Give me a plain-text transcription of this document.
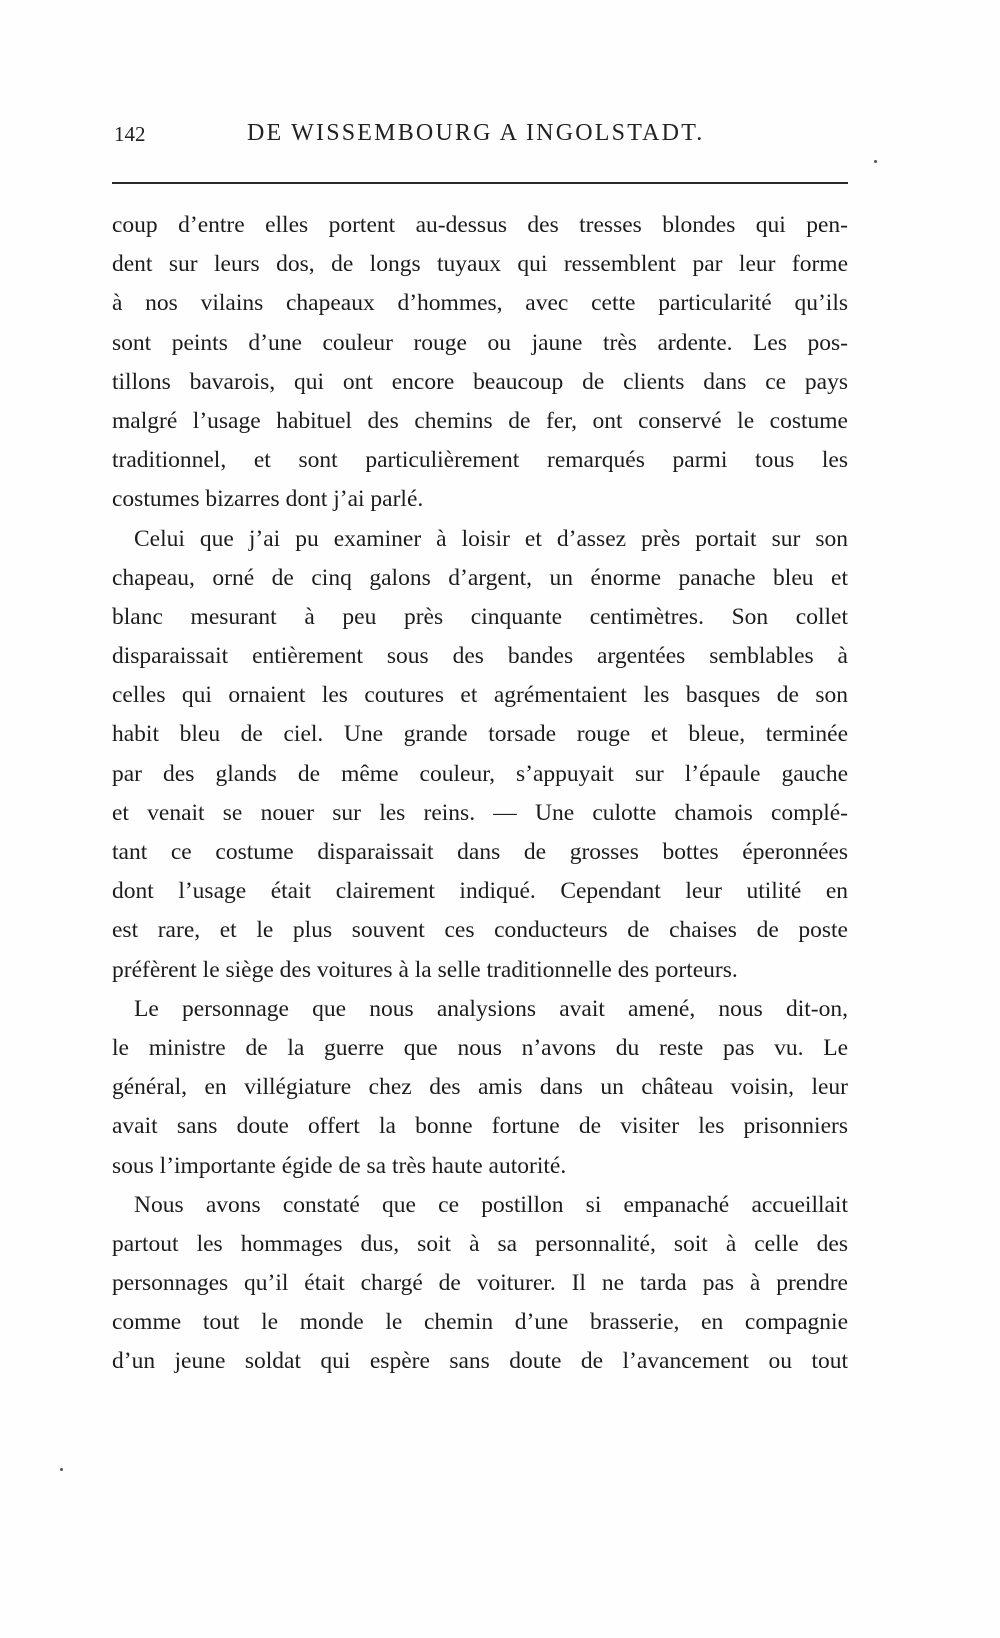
142	DE WISSEMBOURG A INGOLSTADT.
coup d’entre elles portent au-dessus des tresses blondes qui pen-
dent sur leurs dos, de longs tuyaux qui ressemblent par leur forme
à nos vilains chapeaux d’hommes, avec cette particularité qu’ils
sont peints d’une couleur rouge ou jaune très ardente. Les pos-
tillons bavarois, qui ont encore beaucoup de clients dans ce pays
malgré l’usage habituel des chemins de fer, ont conservé le costume
traditionnel, et sont particulièrement remarqués parmi tous les
costumes bizarres dont j’ai parlé.
Celui que j’ai pu examiner à loisir et d’assez près portait sur son
chapeau, orné de cinq galons d’argent, un énorme panache bleu et
blanc mesurant à peu près cinquante centimètres. Son collet
disparaissait entièrement sous des bandes argentées semblables à
celles qui ornaient les coutures et agrémentaient les basques de son
habit bleu de ciel. Une grande torsade rouge et bleue, terminée
par des glands de même couleur, s’appuyait sur l’épaule gauche
et venait se nouer sur les reins. — Une culotte chamois complé-
tant ce costume disparaissait dans de grosses bottes éperonnées
dont l’usage était clairement indiqué. Cependant leur utilité en
est rare, et le plus souvent ces conducteurs de chaises de poste
préfèrent le siège des voitures à la selle traditionnelle des porteurs.
Le personnage que nous analysions avait amené, nous dit-on,
le ministre de la guerre que nous n’avons du reste pas vu. Le
général, en villégiature chez des amis dans un château voisin, leur
avait sans doute offert la bonne fortune de visiter les prisonniers
sous l’importante égide de sa très haute autorité.
Nous avons constaté que ce postillon si empanaché accueillait
partout les hommages dus, soit à sa personnalité, soit à celle des
personnages qu’il était chargé de voiturer. Il ne tarda pas à prendre
comme tout le monde le chemin d’une brasserie, en compagnie
d’un jeune soldat qui espère sans doute de l’avancement ou tout
